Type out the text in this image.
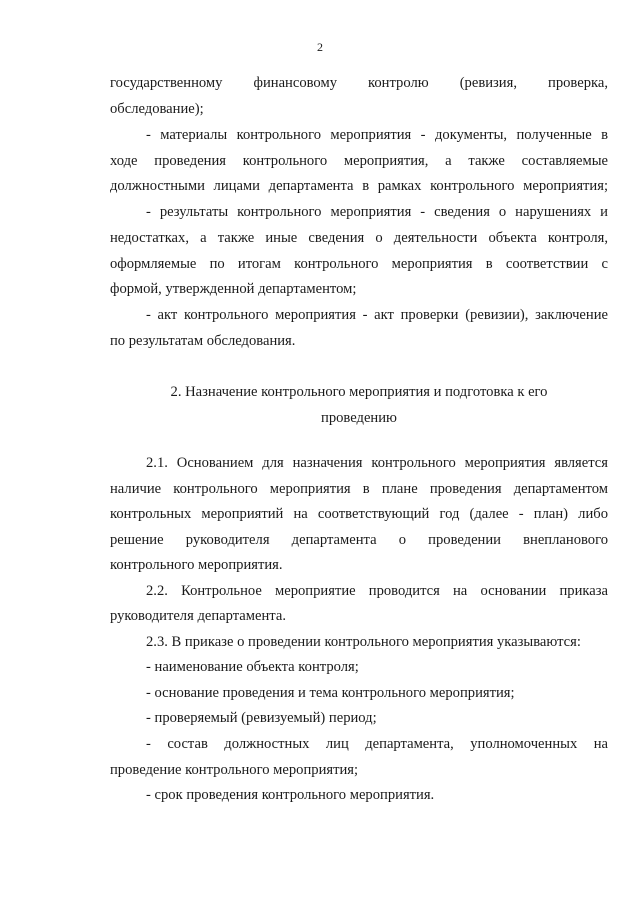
2
государственному финансовому контролю (ревизия, проверка,
обследование);
- материалы контрольного мероприятия - документы, полученные в
ходе проведения контрольного мероприятия, а также составляемые
должностными лицами департамента в рамках контрольного мероприятия;
- результаты контрольного мероприятия - сведения о нарушениях и
недостатках, а также иные сведения о деятельности объекта контроля,
оформляемые по итогам контрольного мероприятия в соответствии с
формой, утвержденной департаментом;
- акт контрольного мероприятия - акт проверки (ревизии), заключение
по результатам обследования.
2. Назначение контрольного мероприятия и подготовка к его
проведению
2.1. Основанием для назначения контрольного мероприятия является
наличие контрольного мероприятия в плане проведения департаментом
контрольных мероприятий на соответствующий год (далее - план) либо
решение руководителя департамента о проведении внепланового
контрольного мероприятия.
2.2. Контрольное мероприятие проводится на основании приказа
руководителя департамента.
2.3. В приказе о проведении контрольного мероприятия указываются:
- наименование объекта контроля;
- основание проведения и тема контрольного мероприятия;
- проверяемый (ревизуемый) период;
- состав должностных лиц департамента, уполномоченных на
проведение контрольного мероприятия;
- срок проведения контрольного мероприятия.
